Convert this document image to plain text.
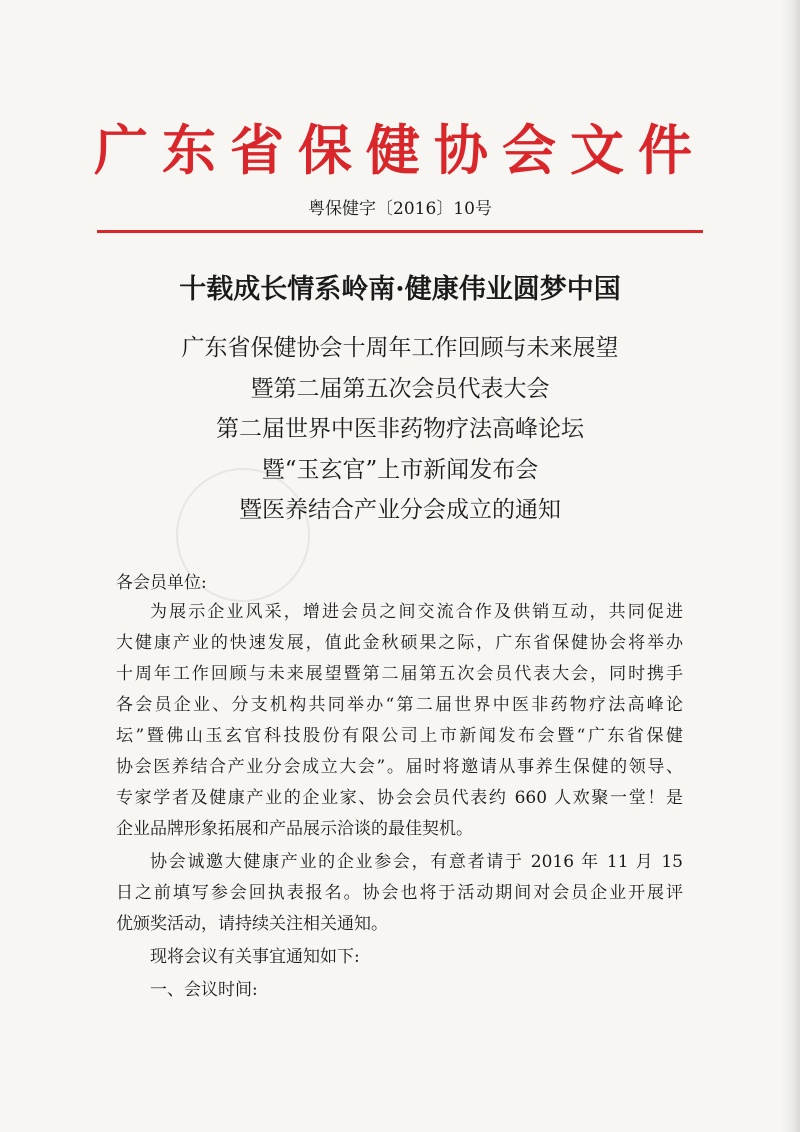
广东省保健协会文件
粤保健字〔2016〕10号
十载成长情系岭南·健康伟业圆梦中国
广东省保健协会十周年工作回顾与未来展望
暨第二届第五次会员代表大会
第二届世界中医非药物疗法高峰论坛
暨“玉玄官”上市新闻发布会
暨医养结合产业分会成立的通知
各会员单位:
为展示企业风采，增进会员之间交流合作及供销互动，共同促进
大健康产业的快速发展，值此金秋硕果之际，广东省保健协会将举办
十周年工作回顾与未来展望暨第二届第五次会员代表大会，同时携手
各会员企业、分支机构共同举办“第二届世界中医非药物疗法高峰论
坛”暨佛山玉玄官科技股份有限公司上市新闻发布会暨“广东省保健
协会医养结合产业分会成立大会”。届时将邀请从事养生保健的领导、
专家学者及健康产业的企业家、协会会员代表约 660 人欢聚一堂！是
企业品牌形象拓展和产品展示洽谈的最佳契机。
协会诚邀大健康产业的企业参会，有意者请于 2016 年 11 月 15
日之前填写参会回执表报名。协会也将于活动期间对会员企业开展评
优颁奖活动，请持续关注相关通知。
现将会议有关事宜通知如下:
一、会议时间:
